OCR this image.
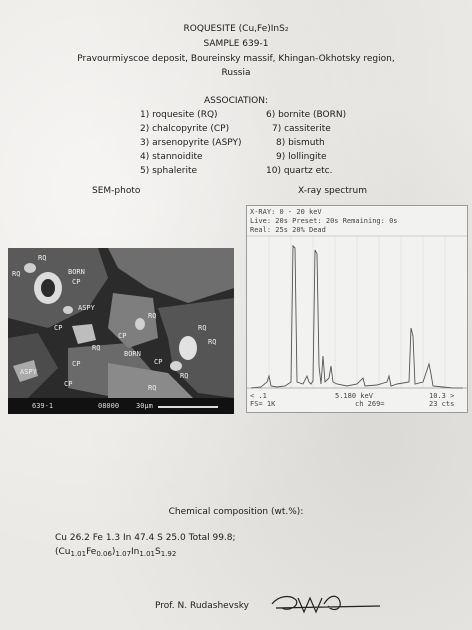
ROQUESITE (Cu,Fe)InS₂
SAMPLE 639-1
Pravourmiyscoe deposit, Boureinsky massif, Khingan-Okhotsky region,
Russia
ASSOCIATION:
1) roquesite (RQ)
2) chalcopyrite (CP)
3) arsenopyrite (ASPY)
4) stannoidite
5) sphalerite
6) bornite (BORN)
7) cassiterite
8) bismuth
9) lollingite
10) quartz etc.
SEM-photo	X-ray spectrum
RQ
BORN
CP
RQ
ASPY
CP
RQ
RQ
CP
BORN
CP
RQ
ASPY
CP
RQ
RQ
CP	RQ
639-1	08000 30µm
X-RAY: 0 - 20 keV
Live: 20s Preset: 20s Remaining: 0s
Real: 25s 20% Dead
< .1	5.180 keV	10.3 >
FS= 1K	ch 269=	23 cts
Chemical composition (wt.%):
Cu 26.2 Fe 1.3 In 47.4 S 25.0 Total 99.8;
$(Cu_{1.01}Fe_{0.06})_{1.07}In_{1.01}S_{1.92}$
Prof. N. Rudashevsky
